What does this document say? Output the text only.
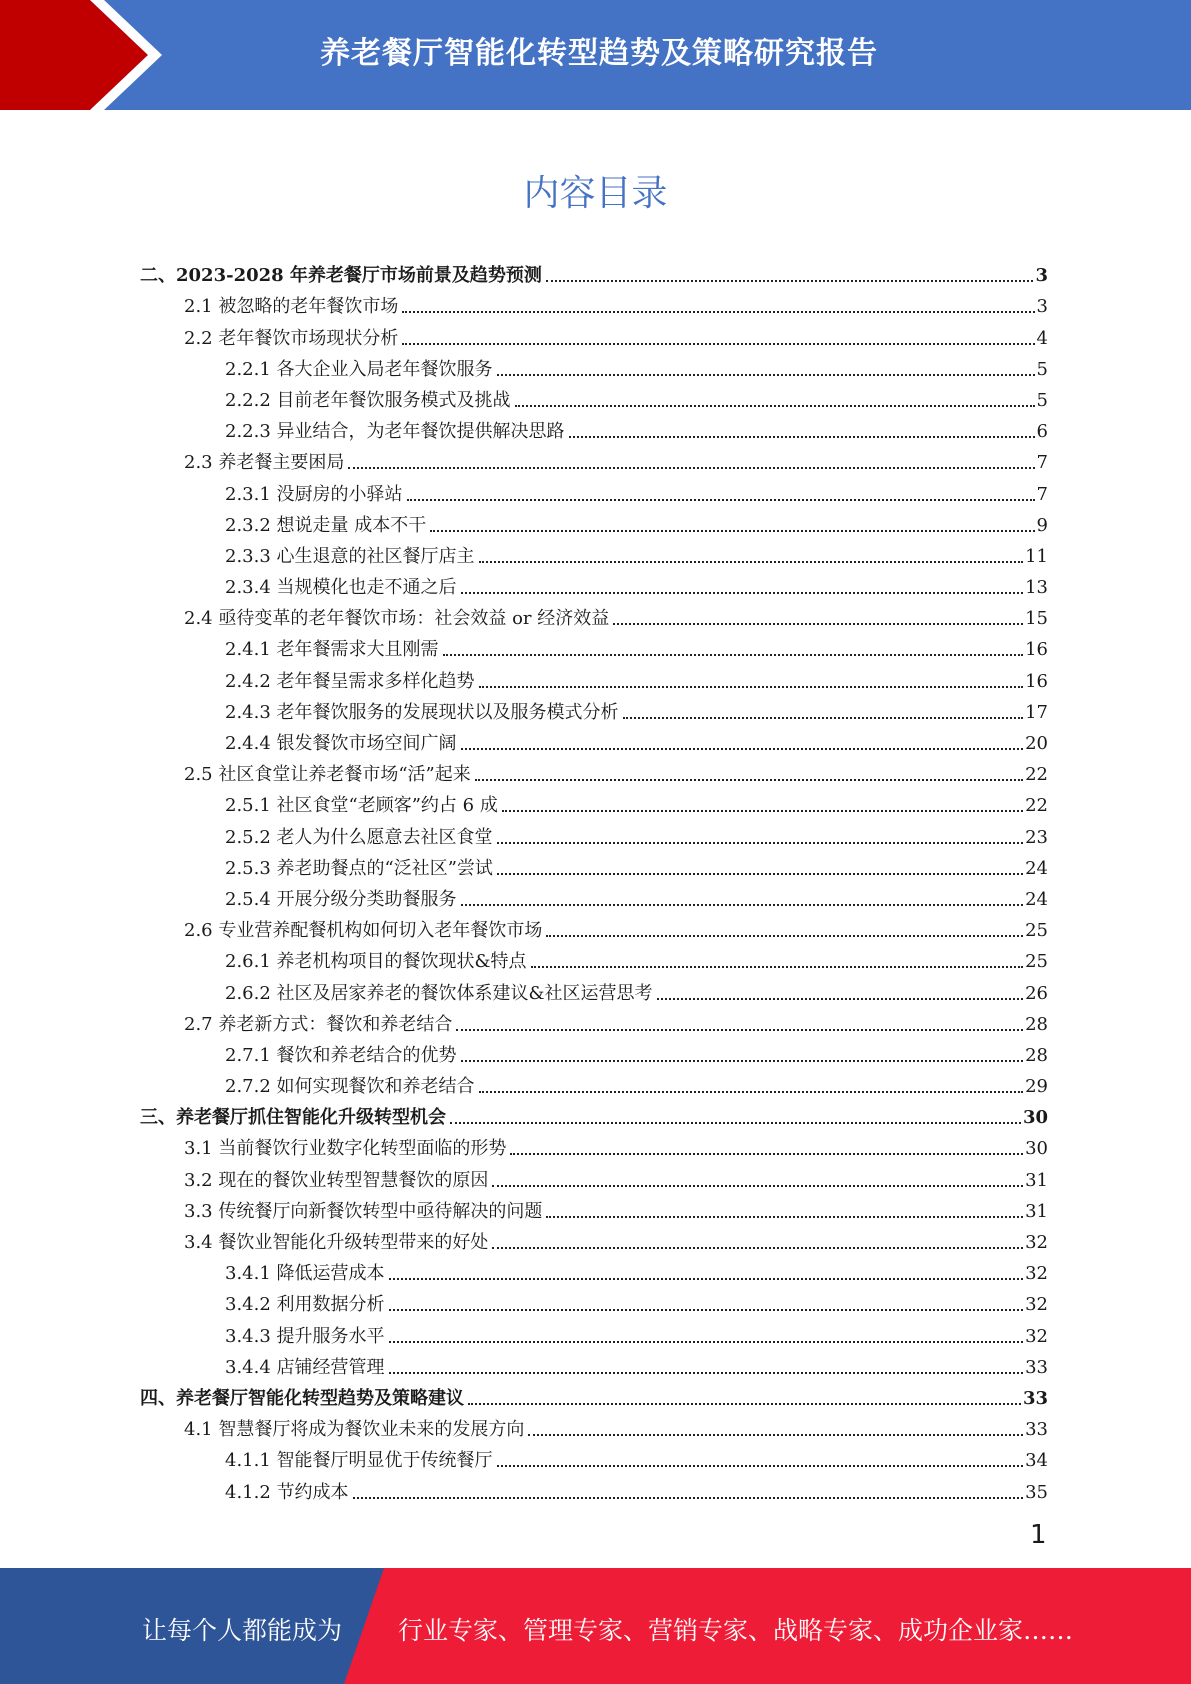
养老餐厅智能化转型趋势及策略研究报告
内容目录
二、2023-2028 年养老餐厅市场前景及趋势预测	3
2.1 被忽略的老年餐饮市场	3
2.2 老年餐饮市场现状分析	4
2.2.1 各大企业入局老年餐饮服务	5
2.2.2 目前老年餐饮服务模式及挑战	5
2.2.3 异业结合，为老年餐饮提供解决思路	6
2.3 养老餐主要困局	7
2.3.1 没厨房的小驿站	7
2.3.2 想说走量 成本不干	9
2.3.3 心生退意的社区餐厅店主	11
2.3.4 当规模化也走不通之后	13
2.4 亟待变革的老年餐饮市场：社会效益 or 经济效益	15
2.4.1 老年餐需求大且刚需	16
2.4.2 老年餐呈需求多样化趋势	16
2.4.3 老年餐饮服务的发展现状以及服务模式分析	17
2.4.4 银发餐饮市场空间广阔	20
2.5 社区食堂让养老餐市场“活”起来	22
2.5.1 社区食堂“老顾客”约占 6 成	22
2.5.2 老人为什么愿意去社区食堂	23
2.5.3 养老助餐点的“泛社区”尝试	24
2.5.4 开展分级分类助餐服务	24
2.6 专业营养配餐机构如何切入老年餐饮市场	25
2.6.1 养老机构项目的餐饮现状&特点	25
2.6.2 社区及居家养老的餐饮体系建议&社区运营思考	26
2.7 养老新方式：餐饮和养老结合	28
2.7.1 餐饮和养老结合的优势	28
2.7.2 如何实现餐饮和养老结合	29
三、养老餐厅抓住智能化升级转型机会	30
3.1 当前餐饮行业数字化转型面临的形势	30
3.2 现在的餐饮业转型智慧餐饮的原因	31
3.3 传统餐厅向新餐饮转型中亟待解决的问题	31
3.4 餐饮业智能化升级转型带来的好处	32
3.4.1 降低运营成本	32
3.4.2 利用数据分析	32
3.4.3 提升服务水平	32
3.4.4 店铺经营管理	33
四、养老餐厅智能化转型趋势及策略建议	33
4.1 智慧餐厅将成为餐饮业未来的发展方向	33
4.1.1 智能餐厅明显优于传统餐厅	34
4.1.2 节约成本	35
1
让每个人都能成为 行业专家、管理专家、营销专家、战略专家、成功企业家……
